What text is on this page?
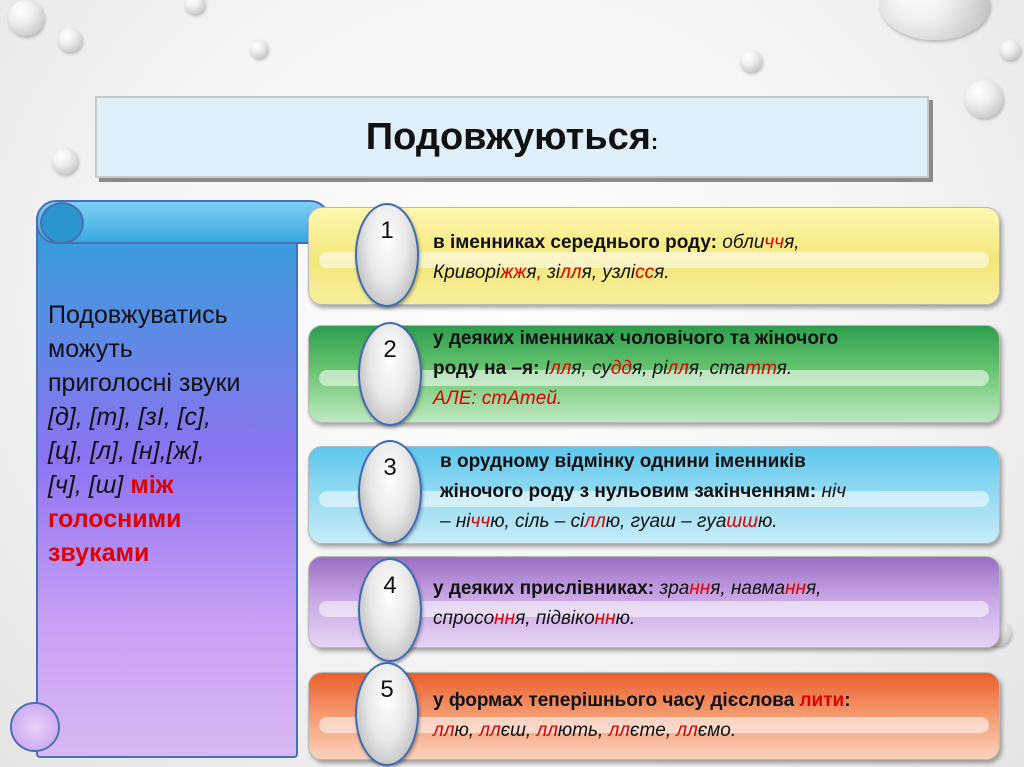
Подовжуються:
Подовжуватись
можуть
приголосні звуки
[д], [т], [зІ, [с],
[ц], [л], [н],[ж],
[ч], [ш] між
голосними
звуками
1	в іменниках середнього роду: обличчя,
Криворіжжя, зілля, узлісся.
2	у деяких іменниках чоловічого та жіночого
роду на –я: Ілля, суддя, рілля, стаття.
АЛЕ: стАтей.
3	в орудному відмінку однини іменників
жіночого роду з нульовим закінченням: ніч
– ніччю, сіль – сіллю, гуаш – гуашшю.
4	у деяких прислівниках: зрання, навмання,
спросоння, підвіконню.
5	у формах теперішнього часу дієслова лити:
ллю, ллєш, ллють, ллєте, ллємо.
